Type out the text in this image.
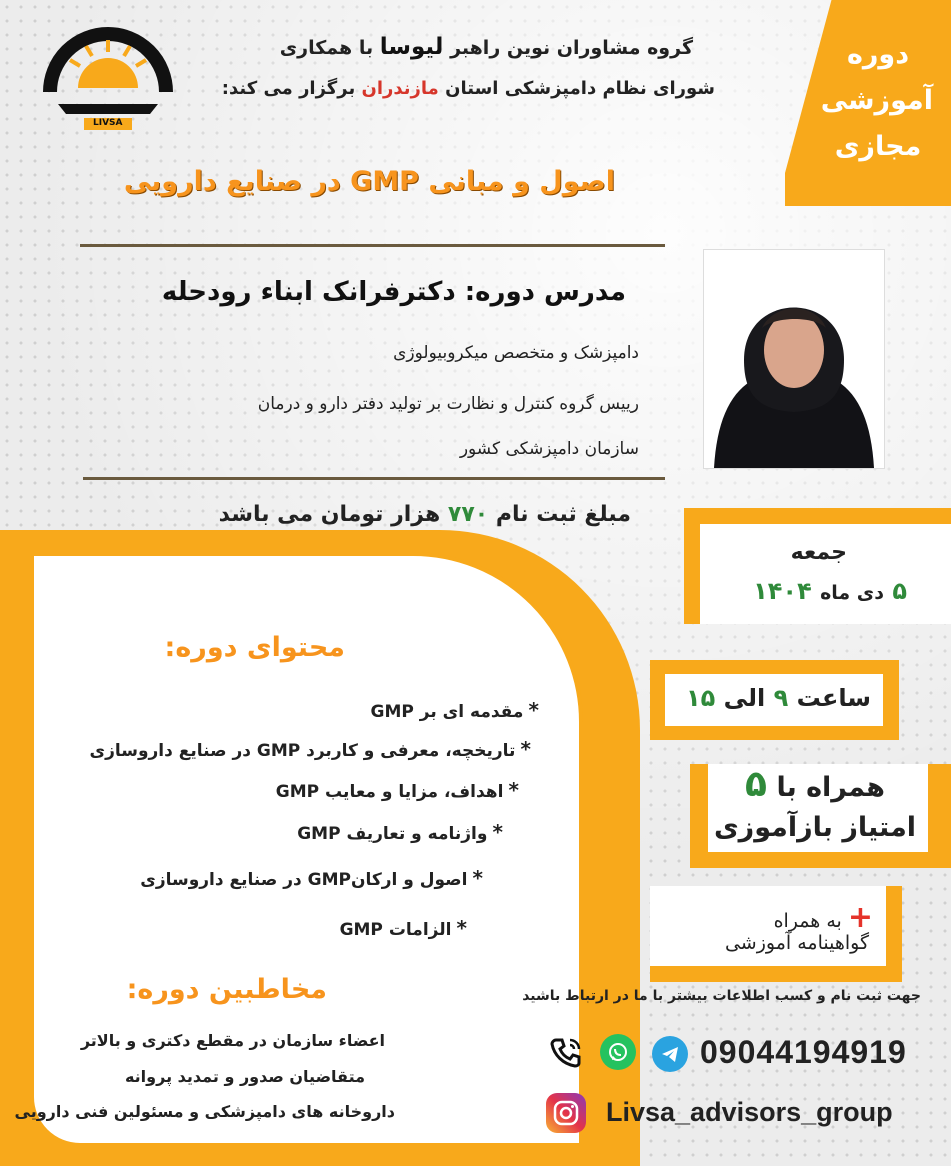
LIVSA
گروه مشاوران نوین راهبر لیوسا با همکاری
شورای نظام دامپزشکی استان مازندران برگزار می کند:
دوره
آموزشی
مجازی
اصول و مبانی GMP در صنایع دارویی
مدرس دوره: دکترفرانک ابناء رودحله
دامپزشک و متخصص میکروبیولوژی
رییس گروه کنترل و نظارت بر تولید دفتر دارو و درمان
سازمان دامپزشکی کشور
مبلغ ثبت نام ۷۷۰ هزار تومان می باشد
محتوای دوره:
* مقدمه ای بر GMP
* تاریخچه، معرفی و کاربرد GMP در صنایع داروسازی
* اهداف، مزایا و معایب GMP
* واژنامه و تعاریف GMP
* اصول و ارکانGMP در صنایع داروسازی
* الزامات GMP
مخاطبین دوره:
اعضاء سازمان در مقطع دکتری و بالاتر
متقاضیان صدور و تمدید پروانه
داروخانه های دامپزشکی و مسئولین فنی دارویی
جمعه
۵ دی ماه ۱۴۰۴
ساعت ۹ الی ۱۵
همراه با ۵
امتیاز بازآموزی
+ به همراه
گواهینامه آموزشی
جهت ثبت نام و کسب اطلاعات بیشتر با ما در ارتباط باشید
09044194919
Livsa_advisors_group
